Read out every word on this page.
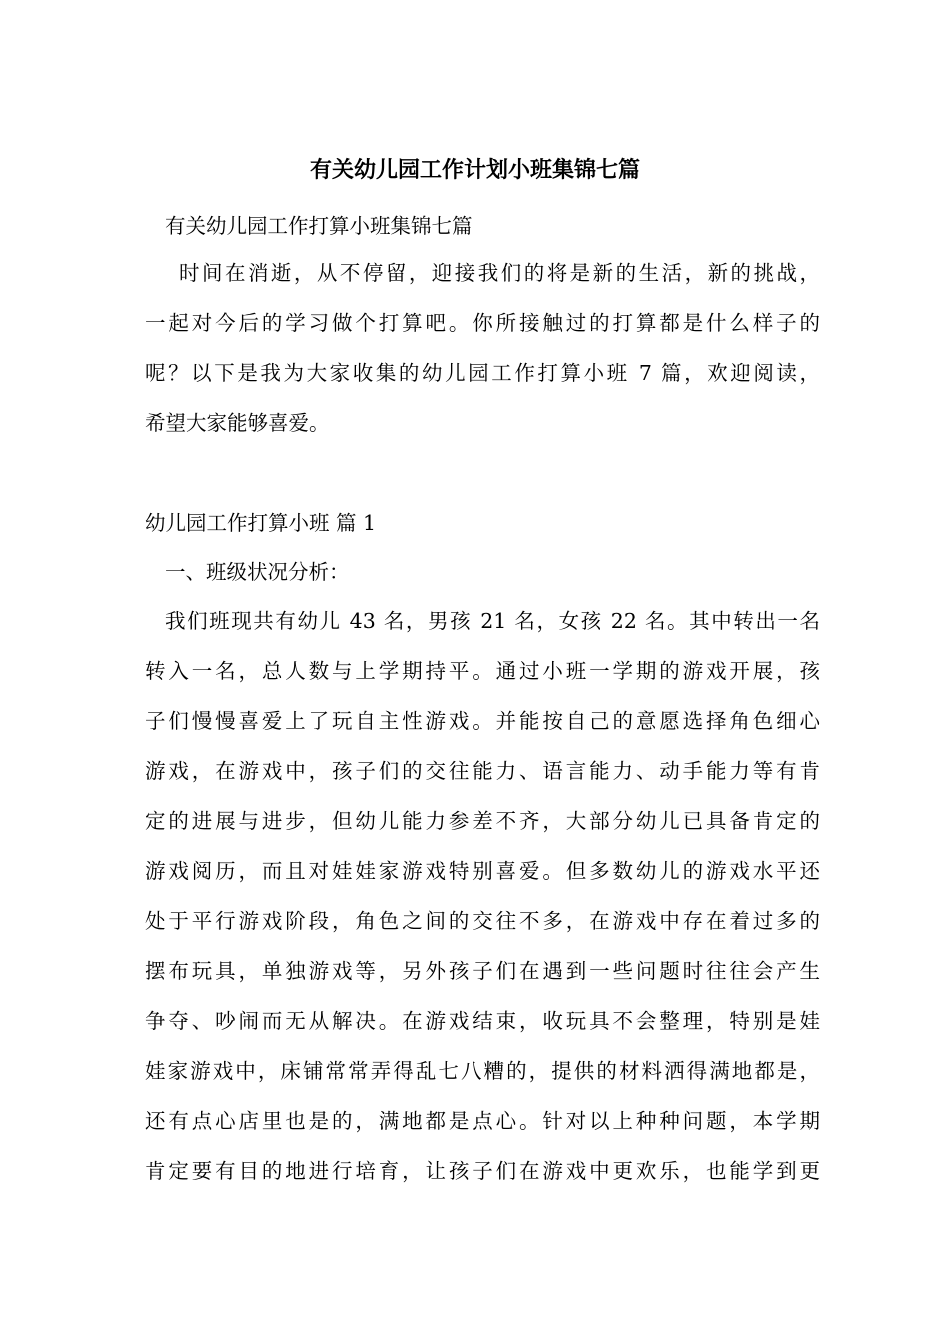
有关幼儿园工作计划小班集锦七篇

有关幼儿园工作打算小班集锦七篇

时间在消逝，从不停留，迎接我们的将是新的生活，新的挑战，

一起对今后的学习做个打算吧。你所接触过的打算都是什么样子的

呢？以下是我为大家收集的幼儿园工作打算小班 7 篇，欢迎阅读，

希望大家能够喜爱。

幼儿园工作打算小班 篇 1

一、班级状况分析：

我们班现共有幼儿 43 名，男孩 21 名，女孩 22 名。其中转出一名

转入一名，总人数与上学期持平。通过小班一学期的游戏开展，孩

子们慢慢喜爱上了玩自主性游戏。并能按自己的意愿选择角色细心

游戏，在游戏中，孩子们的交往能力、语言能力、动手能力等有肯

定的进展与进步，但幼儿能力参差不齐，大部分幼儿已具备肯定的

游戏阅历，而且对娃娃家游戏特别喜爱。但多数幼儿的游戏水平还

处于平行游戏阶段，角色之间的交往不多，在游戏中存在着过多的

摆布玩具，单独游戏等，另外孩子们在遇到一些问题时往往会产生

争夺、吵闹而无从解决。在游戏结束，收玩具不会整理，特别是娃

娃家游戏中，床铺常常弄得乱七八糟的，提供的材料洒得满地都是，

还有点心店里也是的，满地都是点心。针对以上种种问题，本学期

肯定要有目的地进行培育，让孩子们在游戏中更欢乐，也能学到更
